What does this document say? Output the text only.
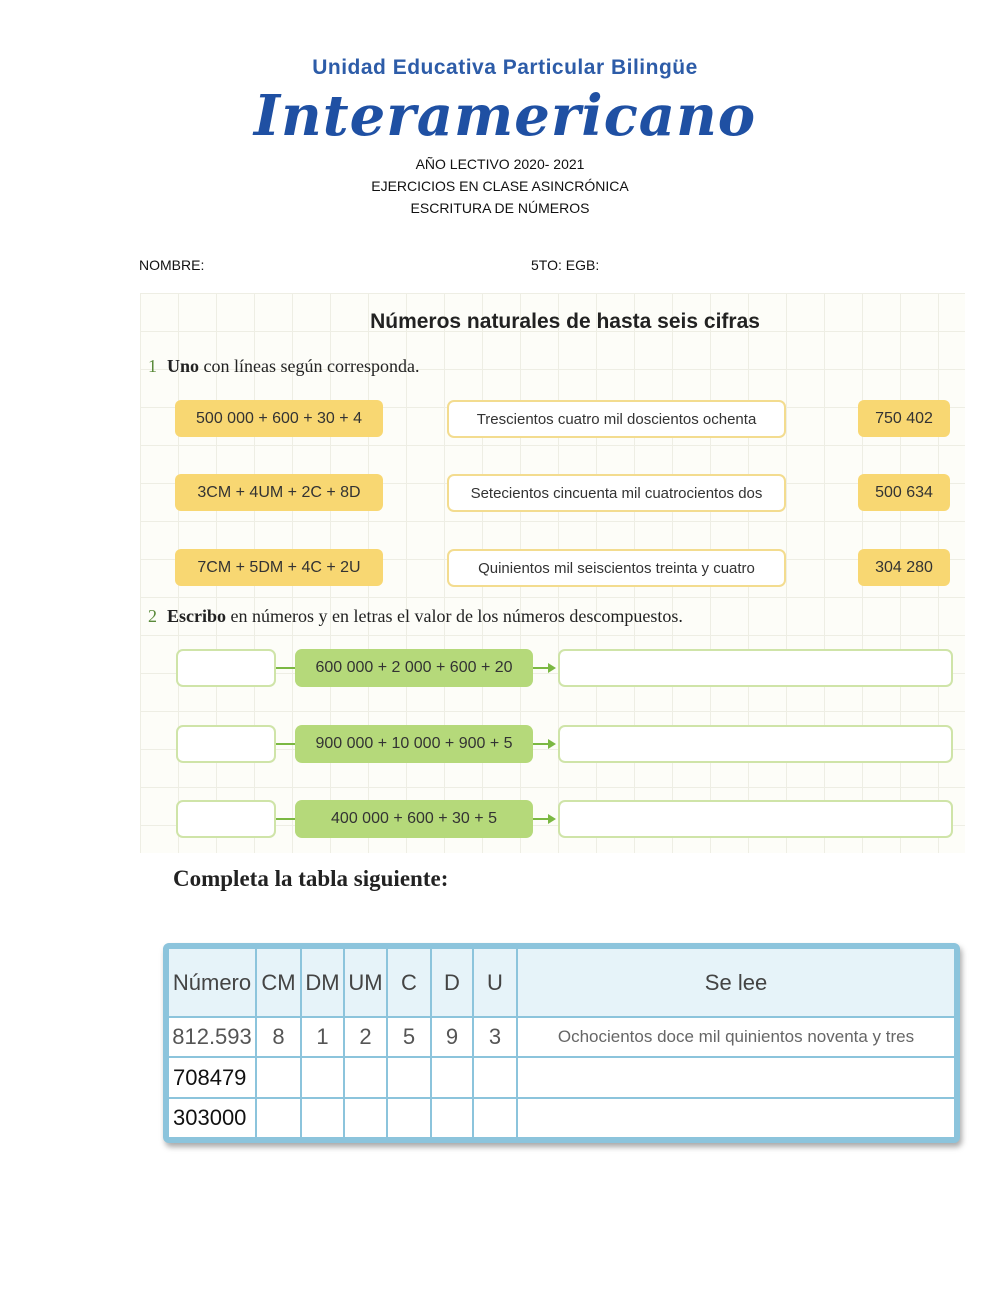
Unidad Educativa Particular Bilingüe
Interamericano
AÑO LECTIVO 2020- 2021
EJERCICIOS EN CLASE ASINCRÓNICA
ESCRITURA DE NÚMEROS
NOMBRE:	5TO: EGB:
Números naturales de hasta seis cifras
1 Uno con líneas según corresponda.
500 000 + 600 + 30 + 4	Trescientos cuatro mil doscientos ochenta	750 402
3CM + 4UM + 2C + 8D	Setecientos cincuenta mil cuatrocientos dos	500 634
7CM + 5DM + 4C + 2U	Quinientos mil seiscientos treinta y cuatro	304 280
2 Escribo en números y en letras el valor de los números descompuestos.
600 000 + 2 000 + 600 + 20
900 000 + 10 000 + 900 + 5
400 000 + 600 + 30 + 5
Completa la tabla siguiente:
Número	CM	DM	UM	C	D	U	Se lee
812.593	8	1	2	5	9	3	Ochocientos doce mil quinientos noventa y tres
708479							
303000							
